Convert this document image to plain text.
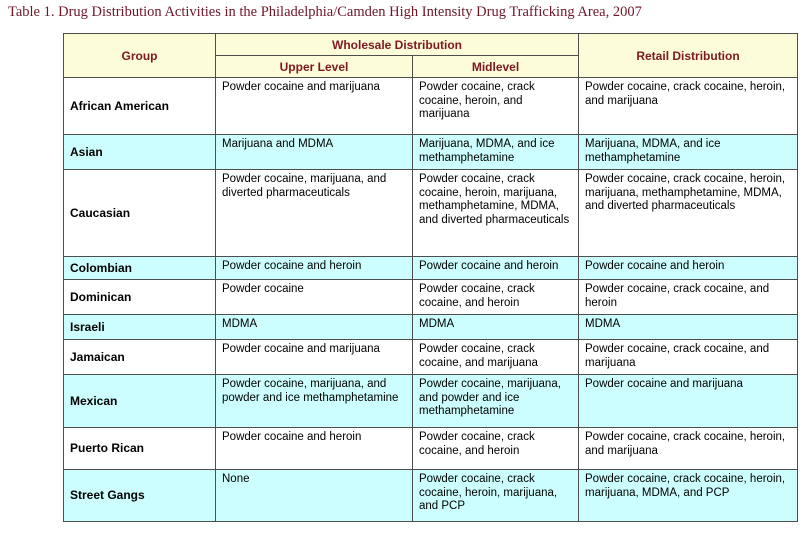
Table 1. Drug Distribution Activities in the Philadelphia/Camden High Intensity Drug Trafficking Area, 2007
Group	Wholesale Distribution		Retail Distribution
	Upper Level	Midlevel	
African American	Powder cocaine and marijuana	Powder cocaine, crack cocaine, heroin, and marijuana	Powder cocaine, crack cocaine, heroin, and marijuana
Asian	Marijuana and MDMA	Marijuana, MDMA, and ice methamphetamine	Marijuana, MDMA, and ice methamphetamine
Caucasian	Powder cocaine, marijuana, and diverted pharmaceuticals	Powder cocaine, crack cocaine, heroin, marijuana, methamphetamine, MDMA, and diverted pharmaceuticals	Powder cocaine, crack cocaine, heroin, marijuana, methamphetamine, MDMA, and diverted pharmaceuticals
Colombian	Powder cocaine and heroin	Powder cocaine and heroin	Powder cocaine and heroin
Dominican	Powder cocaine	Powder cocaine, crack cocaine, and heroin	Powder cocaine, crack cocaine, and heroin
Israeli	MDMA	MDMA	MDMA
Jamaican	Powder cocaine and marijuana	Powder cocaine, crack cocaine, and marijuana	Powder cocaine, crack cocaine, and marijuana
Mexican	Powder cocaine, marijuana, and powder and ice methamphetamine	Powder cocaine, marijuana, and powder and ice methamphetamine	Powder cocaine and marijuana
Puerto Rican	Powder cocaine and heroin	Powder cocaine, crack cocaine, and heroin	Powder cocaine, crack cocaine, heroin, and marijuana
Street Gangs	None	Powder cocaine, crack cocaine, heroin, marijuana, and PCP	Powder cocaine, crack cocaine, heroin, marijuana, MDMA, and PCP
